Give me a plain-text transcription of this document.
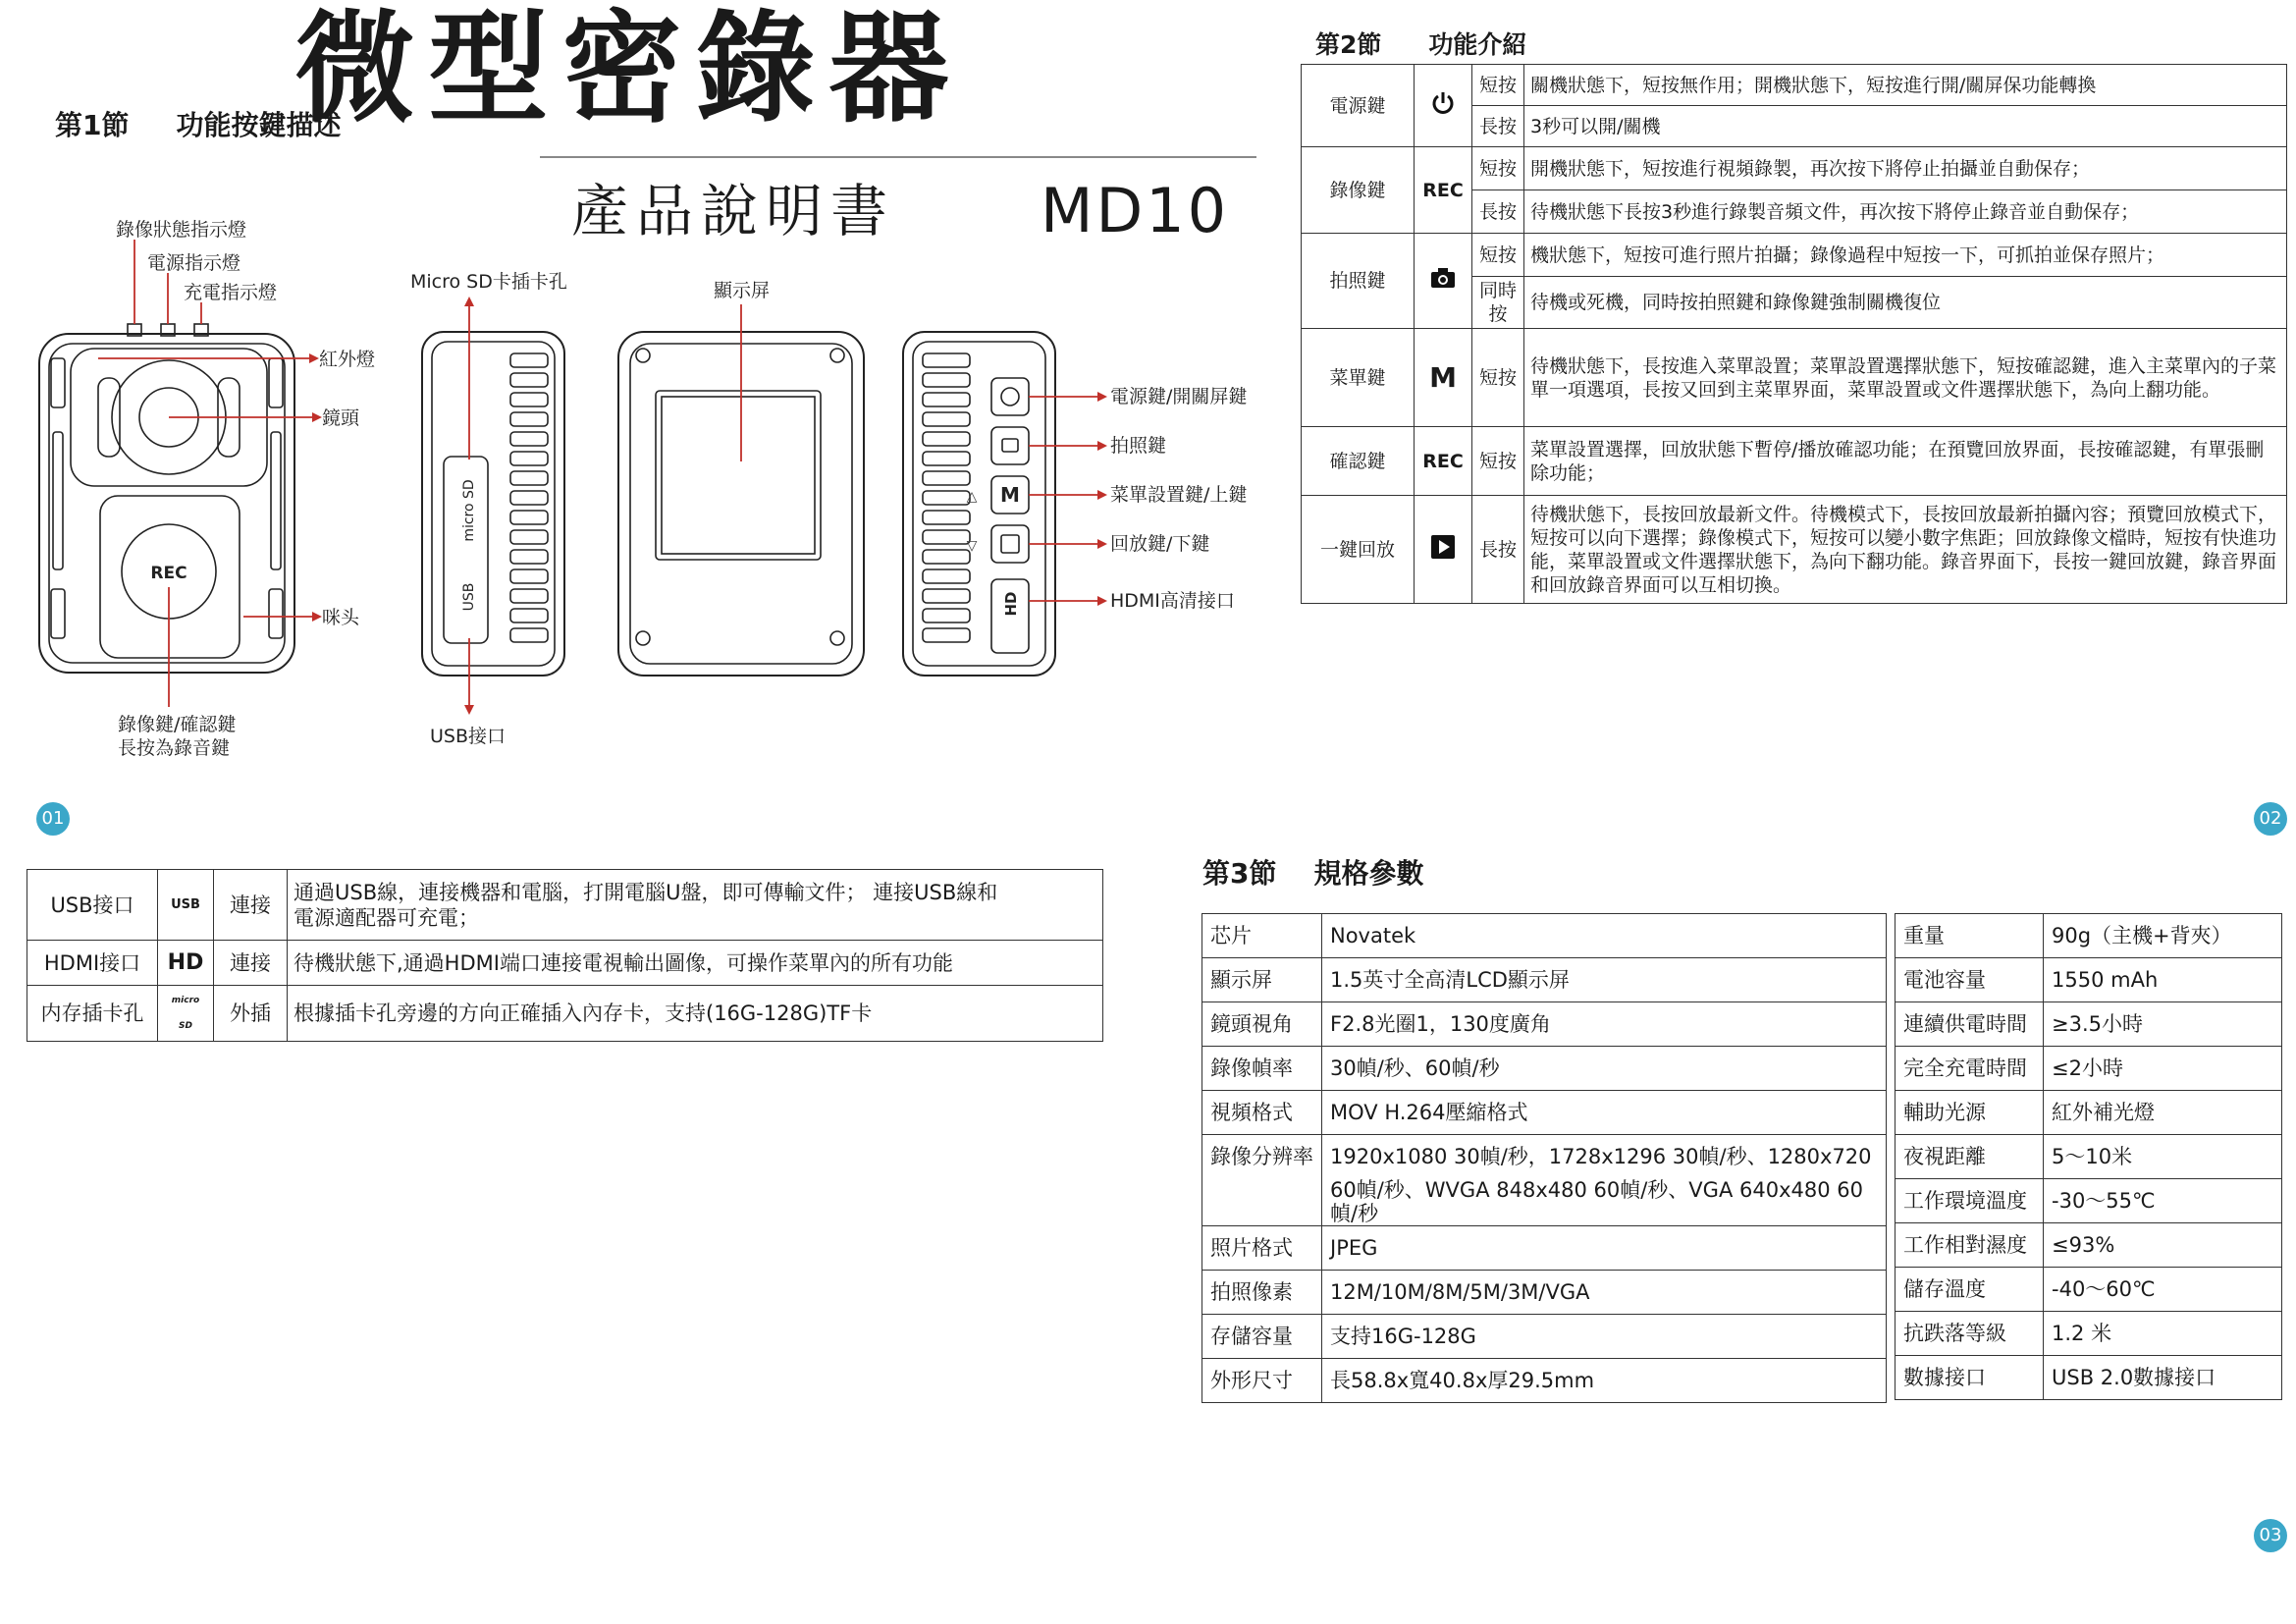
微型密錄器
產品說明書 MD10
第1節 功能按鍵描述
REC
micro SD
USB
M
HD
△
▽
錄像狀態指示燈
電源指示燈
充電指示燈
紅外燈
鏡頭
咪头
錄像鍵/確認鍵
長按為錄音鍵
Micro SD卡插卡孔
USB接口
顯示屏
電源鍵/開關屏鍵
拍照鍵
菜單設置鍵/上鍵
回放鍵/下鍵
HDMI高清接口
01	02
03
第2節 功能介紹
電源鍵		短按	關機狀態下，短按無作用；開機狀態下，短按進行開/關屏保功能轉換
		長按	3秒可以開/關機
錄像鍵	REC	短按	開機狀態下，短按進行視頻錄製，再次按下將停止拍攝並自動保存；
		長按	待機狀態下長按3秒進行錄製音頻文件，再次按下將停止錄音並自動保存；
拍照鍵		短按	機狀態下，短按可進行照片拍攝；錄像過程中短按一下，可抓拍並保存照片；
		同時按	待機或死機，同時按拍照鍵和錄像鍵強制關機復位
菜單鍵	M	短按	待機狀態下，長按進入菜單設置；菜單設置選擇狀態下，短按確認鍵，進入主菜單內的子菜單一項選項，長按又回到主菜單界面，菜單設置或文件選擇狀態下，為向上翻功能。
確認鍵	REC	短按	菜單設置選擇，回放狀態下暫停/播放確認功能；在預覽回放界面，長按確認鍵，有單張刪除功能；
一鍵回放		長按	待機狀態下，長按回放最新文件。待機模式下，長按回放最新拍攝內容；預覽回放模式下，短按可以向下選擇；錄像模式下，短按可以變小數字焦距；回放錄像文檔時，短按有快進功能，菜單設置或文件選擇狀態下，為向下翻功能。錄音界面下，長按一鍵回放鍵，錄音界面和回放錄音界面可以互相切換。
USB接口	USB	連接	通過USB線，連接機器和電腦，打開電腦U盤，即可傳輸文件； 連接USB線和
電源適配器可充電；

HDMI接口	HD	連接	待機狀態下,通過HDMI端口連接電視輸出圖像，可操作菜單內的所有功能
内存插卡孔	micro SD	外插	根據插卡孔旁邊的方向正確插入內存卡，支持(16G-128G)TF卡
第3節 規格參數
芯片	Novatek
顯示屏	1.5英寸全高清LCD顯示屏
鏡頭視角	F2.8光圈1，130度廣角
錄像幀率	30幀/秒、60幀/秒
視頻格式	MOV H.264壓縮格式
錄像分辨率	1920x1080 30幀/秒，1728x1296 30幀/秒、1280x720
	60幀/秒、WVGA 848x480 60幀/秒、VGA 640x480 60幀/秒
照片格式	JPEG
拍照像素	12M/10M/8M/5M/3M/VGA
存儲容量	支持16G-128G
外形尺寸	長58.8x寬40.8x厚29.5mm
重量	90g（主機+背夾）
電池容量	1550 mAh
連續供電時間	≥3.5小時
完全充電時間	≤2小時
輔助光源	紅外補光燈
夜視距離	5～10米
工作環境溫度	-30～55℃
工作相對濕度	≤93%
儲存溫度	-40～60℃
抗跌落等級	1.2 米
數據接口	USB 2.0數據接口
